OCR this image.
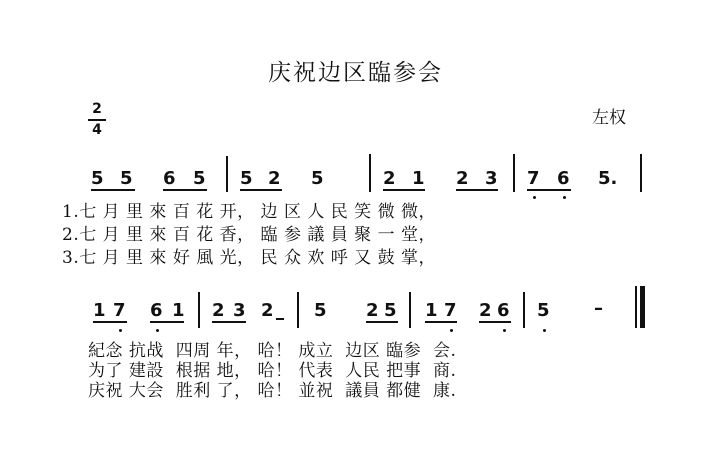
庆祝边区臨参会
左权
2
4
5 5 6 5 5 2 5	2 1 2 3 7 6 5.
1.七 月 里 來 百 花 开， 边 区 人 民 笑 微 微，
2.七 月 里 來 百 花 香， 臨 参 議 員 聚 一 堂，
3.七 月 里 來 好 風 光， 民 众 欢 呼 又 鼓 掌，
1 7 6 1 2 3 2 5 2 5 1 7 2 6 5 –
紀念 抗战  四周 年， 哈！ 成立  边区 臨参  会.
为了 建設  根据 地， 哈！ 代表  人民 把事  商.
庆祝 大会  胜利 了， 哈！ 並祝  議員 都健  康.
